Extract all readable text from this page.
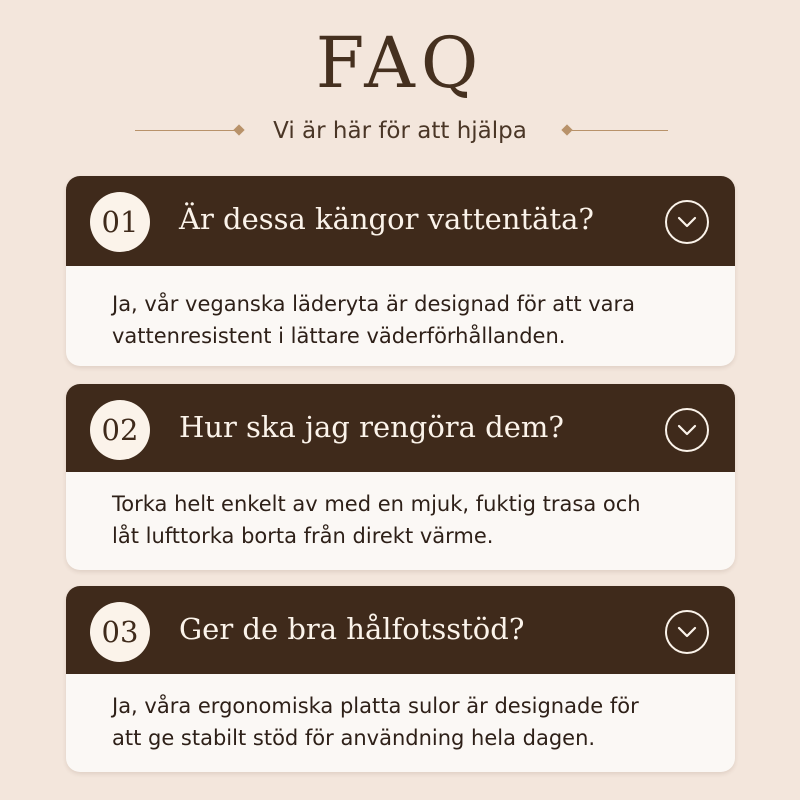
FAQ
Vi är här för att hjälpa
01	Är dessa kängor vattentäta?
Ja, vår veganska läderyta är designad för att vara
vattenresistent i lättare väderförhållanden.
02	Hur ska jag rengöra dem?
Torka helt enkelt av med en mjuk, fuktig trasa och
låt lufttorka borta från direkt värme.
03	Ger de bra hålfotsstöd?
Ja, våra ergonomiska platta sulor är designade för
att ge stabilt stöd för användning hela dagen.
